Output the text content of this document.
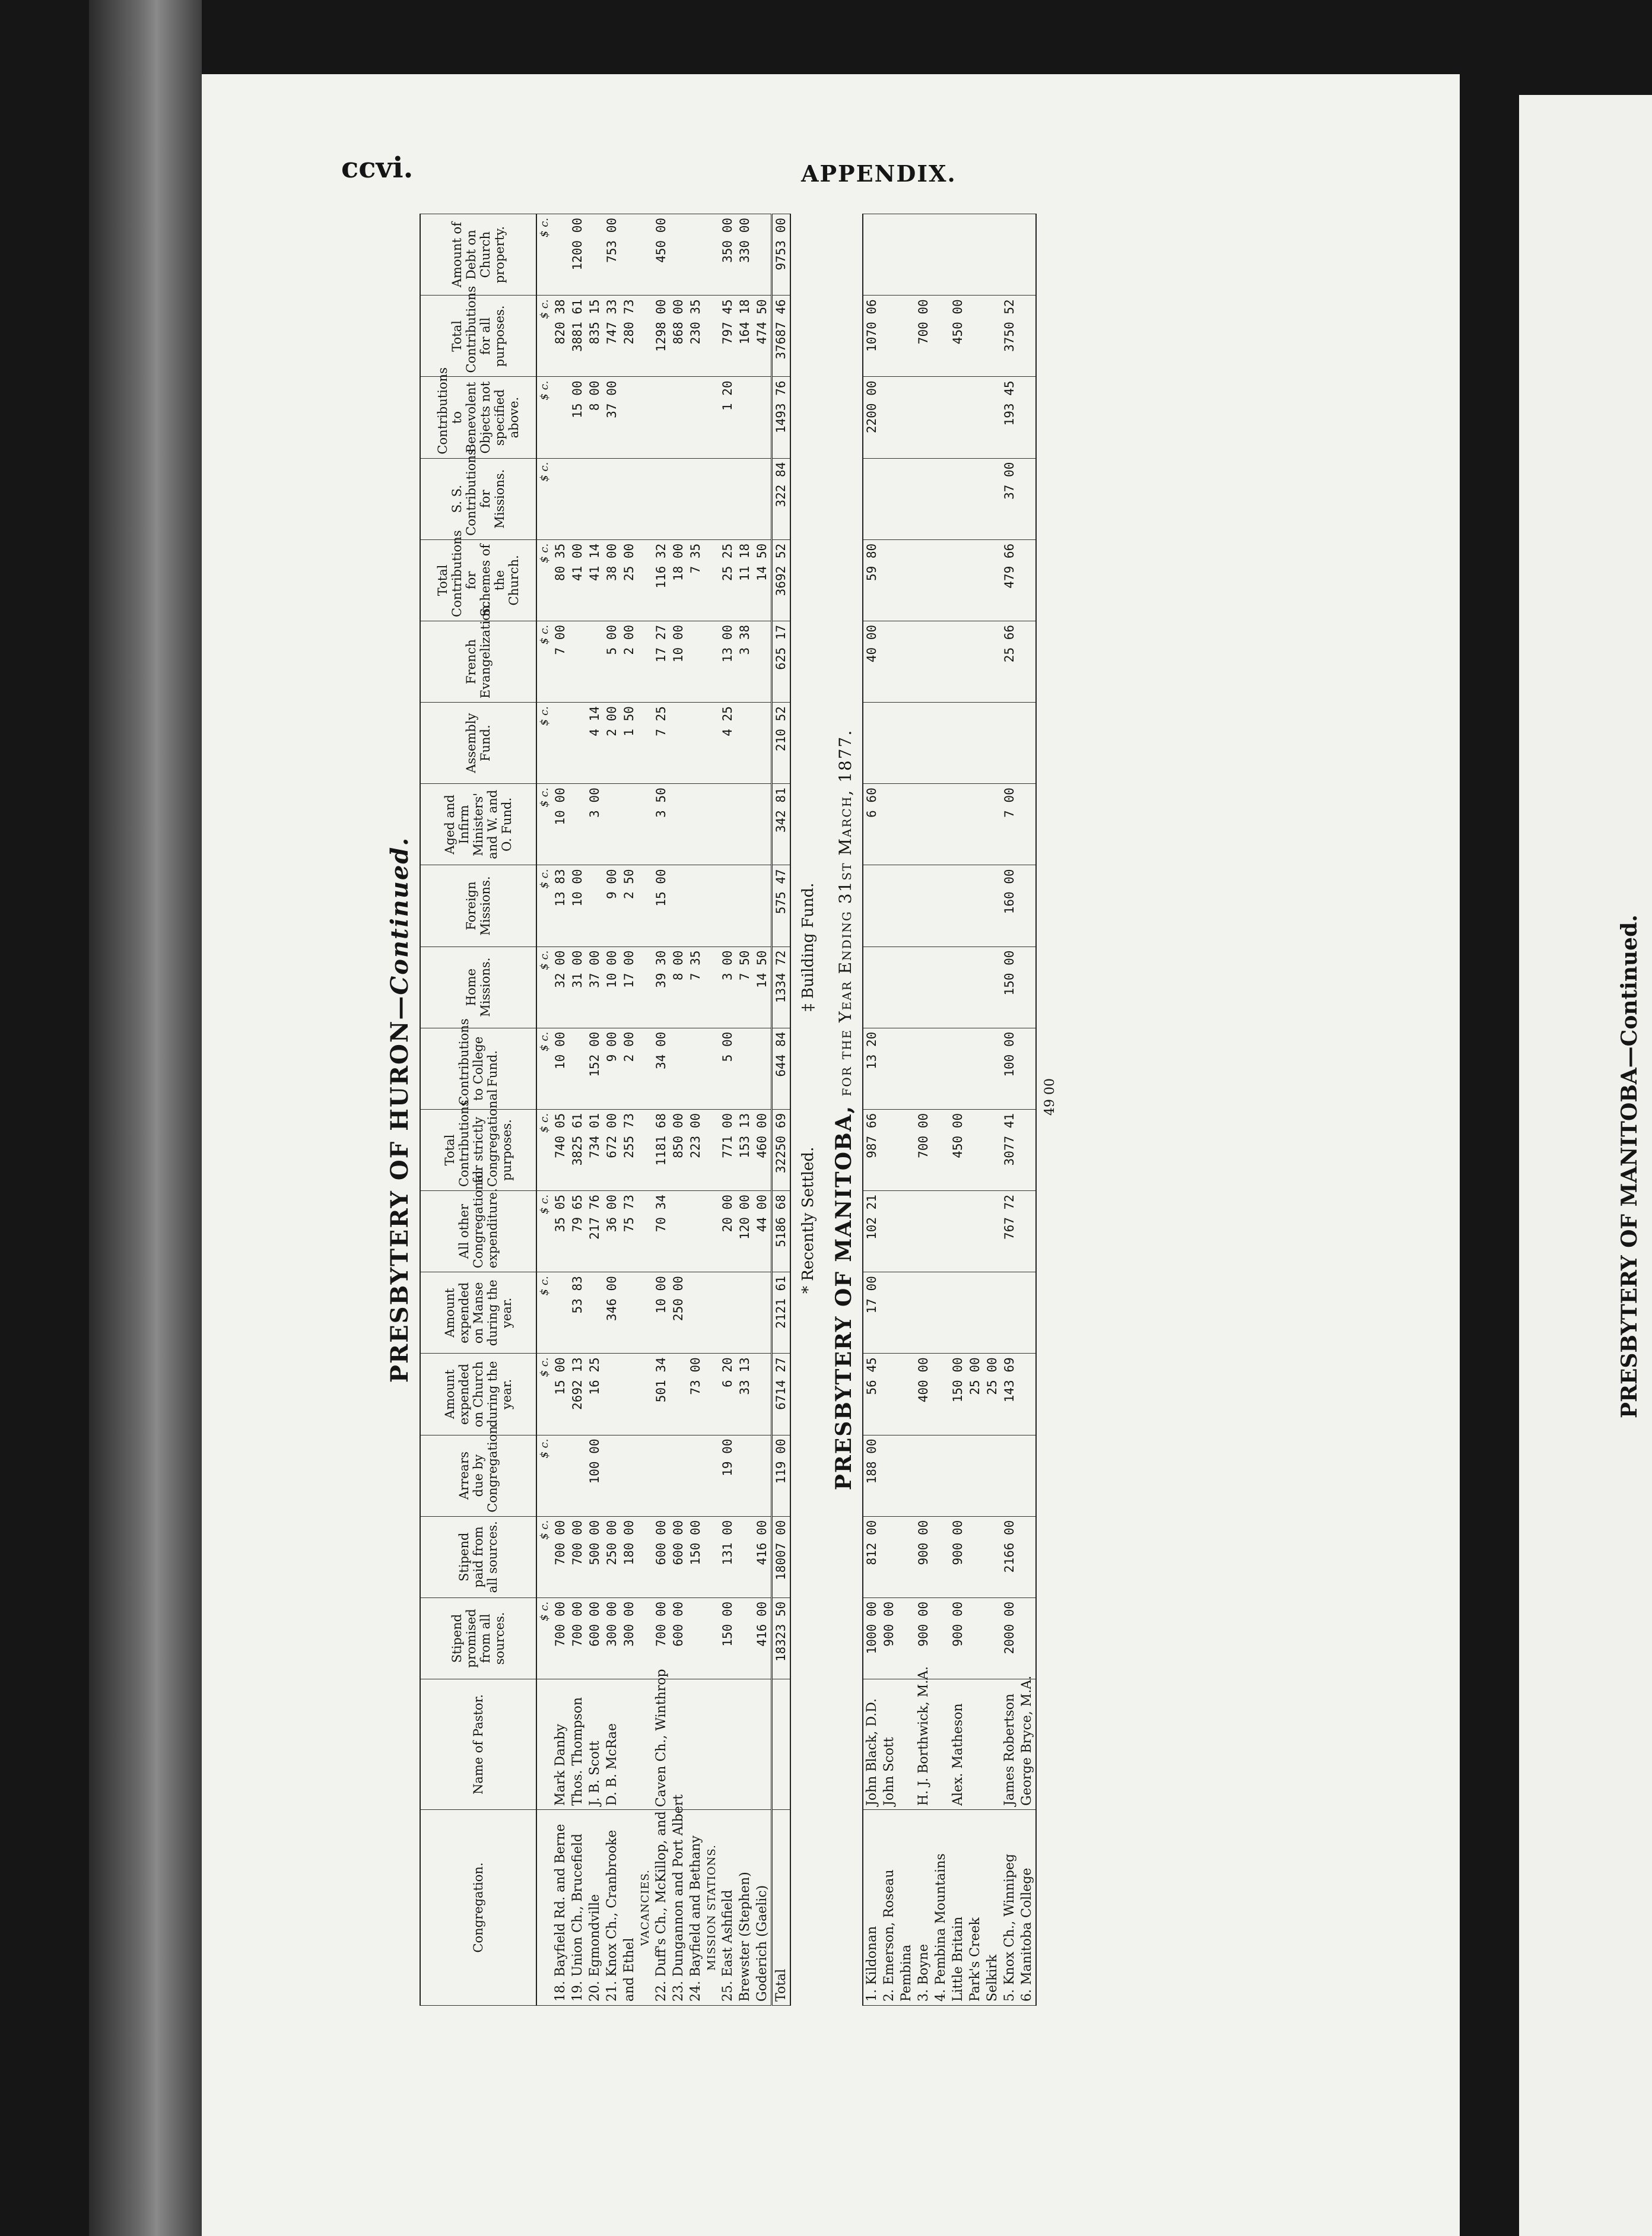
ccvi.	APPENDIX.
PRESBYTERY OF HURON—Continued.
Congregation.	Name of Pastor.	Stipend promised from all sources.	Stipend paid from all sources.	Arrears due by Congregation.	Amount expended on Church during the year.	Amount expended on Manse during the year.	All other Congregational expenditure.	Total Contributions for strictly Congregational purposes.	Contributions to College Fund.	Home Missions.	Foreign Missions.	Aged and Infirm Ministers' and W. and O. Fund.	Assembly Fund.	French Evangelization.	Total Contributions for Schemes of the Church.	S. S. Contributions for Missions.	Contributions to Benevolent Objects not specified above.	Total Contributions for all purposes.	Amount of Debt on Church property.
		$ c.	$ c.	$ c.	$ c.	$ c.	$ c.	$ c.	$ c.	$ c.	$ c.	$ c.	$ c.	$ c.	$ c.	$ c.	$ c.	$ c.	$ c.
18. Bayfield Rd. and Berne	Mark Danby	700 00	700 00		15 00		35 05	740 05	10 00	32 00	13 83	10 00		7 00	80 35			820 38	
19. Union Ch., Brucefield	Thos. Thompson	700 00	700 00		2692 13	53 83	79 65	3825 61		31 00	10 00				41 00		15 00	3881 61	1200 00
20. Egmondville	J. B. Scott	600 00	500 00	100 00	16 25		217 76	734 01	152 00	37 00		3 00	4 14		41 14		8 00	835 15	
21. Knox Ch., Cranbrooke	D. B. McRae	300 00	250 00			346 00	36 00	672 00	9 00	10 00	9 00		2 00	5 00	38 00		37 00	747 33	753 00
and Ethel		300 00	180 00				75 73	255 73	2 00	17 00	2 50		1 50	2 00	25 00			280 73	
VACANCIES.																			
22. Duff's Ch., McKillop, and Caven Ch., Winthrop		700 00	600 00		501 34	10 00	70 34	1181 68	34 00	39 30	15 00	3 50	7 25	17 27	116 32			1298 00	450 00
23. Dungannon and Port Albert		600 00	600 00			250 00		850 00		8 00				10 00	18 00			868 00	
24. Bayfield and Bethany			150 00		73 00			223 00		7 35					7 35			230 35	
MISSION STATIONS.																			
25. East Ashfield		150 00	131 00	19 00	6 20		20 00	771 00	5 00	3 00			4 25	13 00	25 25		1 20	797 45	350 00
Brewster (Stephen)					33 13		120 00	153 13		7 50				3 38	11 18			164 18	330 00
Goderich (Gaelic)		416 00	416 00				44 00	460 00		14 50					14 50			474 50	
Total		18323 50	18007 00	119 00	6714 27	2121 61	5186 68	32250 69	644 84	1334 72	575 47	342 81	210 52	625 17	3692 52	322 84	1493 76	37687 46	9753 00
* Recently Settled. ‡ Building Fund.
PRESBYTERY OF MANITOBA, for the Year Ending 31st March, 1877.
1. Kildonan	John Black, D.D.	1000 00	812 00	188 00	56 45	17 00	102 21	987 66	13 20			6 60		40 00	59 80		2200 00	1070 06	
2. Emerson, Roseau	John Scott	900 00																	
Pembina																			
3. Boyne	H. J. Borthwick, M.A.	900 00	900 00		400 00			700 00										700 00	
4. Pembina Mountains																			
Little Britain	Alex. Matheson	900 00	900 00		150 00			450 00										450 00	
Park's Creek					25 00														
Selkirk					25 00														
5. Knox Ch., Winnipeg	James Robertson	2000 00	2166 00		143 69		767 72	3077 41	100 00	150 00	160 00	7 00		25 66	479 66	37 00	193 45	3750 52	
6. Manitoba College	George Bryce, M.A.																		
49 00	PRESBYTERY OF MANITOBA—Continued.
